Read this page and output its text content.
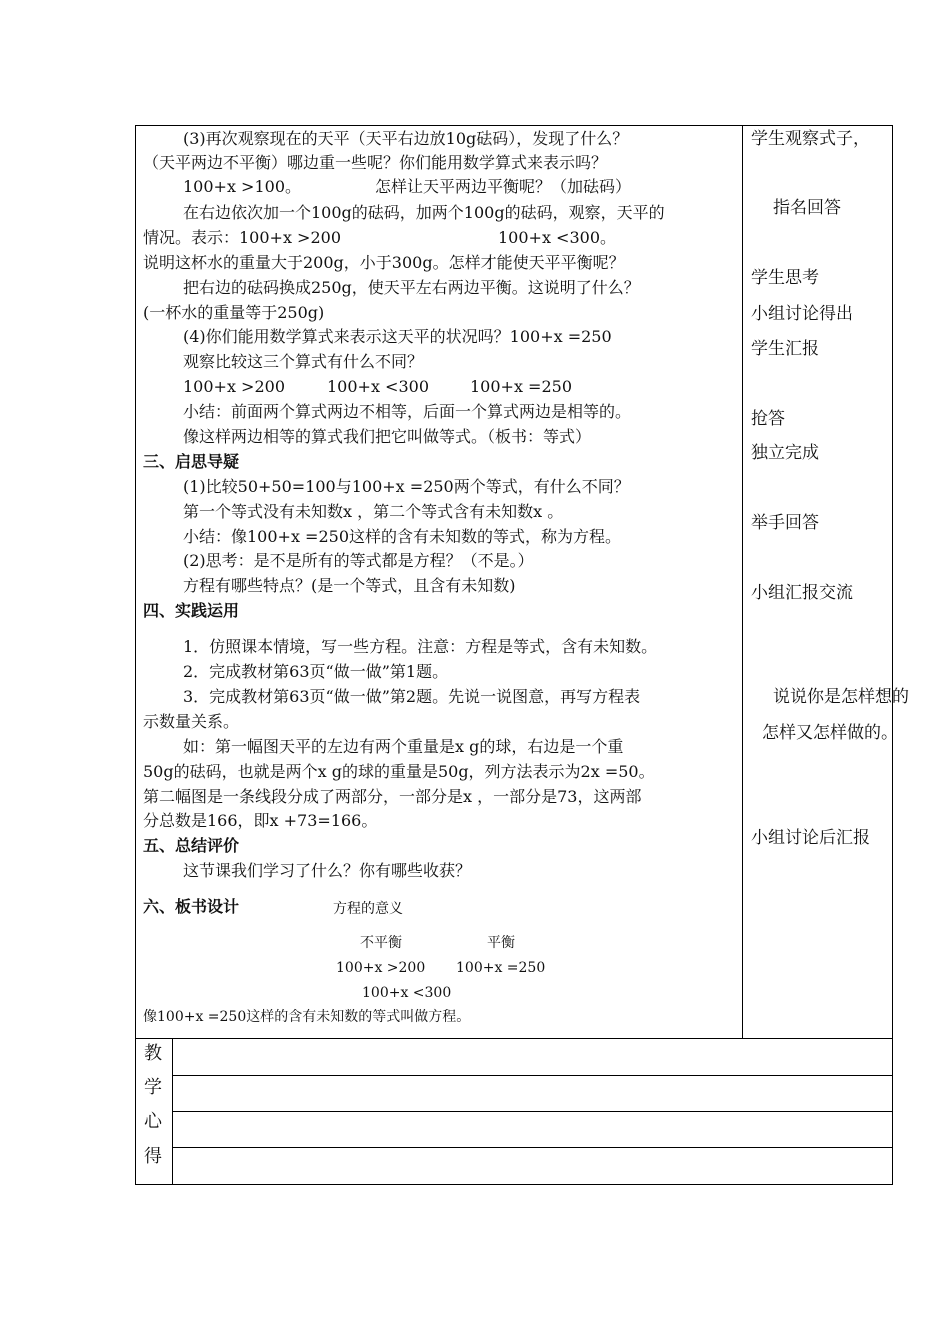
(3)再次观察现在的天平（天平右边放10g砝码），发现了什么？
（天平两边不平衡）哪边重一些呢？你们能用数学算式来表示吗？
100+x >100。	怎样让天平两边平衡呢？（加砝码）
在右边依次加一个100g的砝码，加两个100g的砝码，观察，天平的
情况。表示：100+x >200	100+x <300。
说明这杯水的重量大于200g，小于300g。怎样才能使天平平衡呢？
把右边的砝码换成250g，使天平左右两边平衡。这说明了什么？
(一杯水的重量等于250g)
(4)你们能用数学算式来表示这天平的状况吗？100+x =250
观察比较这三个算式有什么不同？
100+x >200	100+x <300	100+x =250
小结：前面两个算式两边不相等，后面一个算式两边是相等的。
像这样两边相等的算式我们把它叫做等式。（板书：等式）
三、启思导疑
(1)比较50+50=100与100+x =250两个等式，有什么不同？
第一个等式没有未知数x ，第二个等式含有未知数x 。
小结：像100+x =250这样的含有未知数的等式，称为方程。
(2)思考：是不是所有的等式都是方程？（不是。）
方程有哪些特点？(是一个等式，且含有未知数)
四、实践运用
1．仿照课本情境，写一些方程。注意：方程是等式，含有未知数。
2．完成教材第63页“做一做”第1题。
3．完成教材第63页“做一做”第2题。先说一说图意，再写方程表
示数量关系。
如：第一幅图天平的左边有两个重量是x g的球，右边是一个重
50g的砝码，也就是两个x g的球的重量是50g，列方法表示为2x =50。
第二幅图是一条线段分成了两部分，一部分是x ，一部分是73，这两部
分总数是166，即x +73=166。
五、总结评价
这节课我们学习了什么？你有哪些收获？
六、板书设计	方程的意义
不平衡	平衡
100+x >200 100+x =250
100+x <300
像100+x =250这样的含有未知数的等式叫做方程。
学生观察式子，
指名回答
学生思考
小组讨论得出
学生汇报
抢答
独立完成
举手回答
小组汇报交流
说说你是怎样想的
怎样又怎样做的。
小组讨论后汇报
教
学
心
得
